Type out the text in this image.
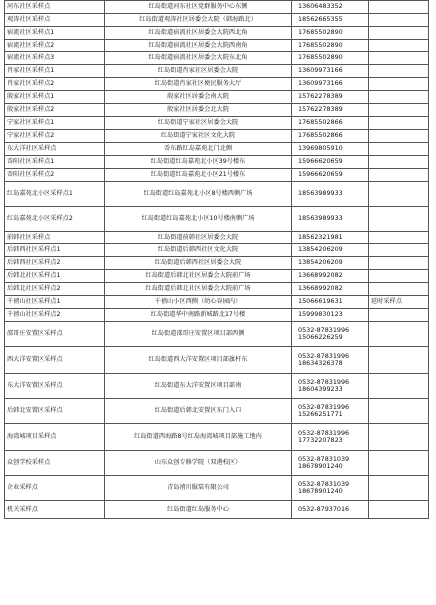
河东社区采样点	红岛街道河东社区党群服务中心东侧	13606483352	

观涛社区采样点	红岛街道观涛社区居委会大院（韩海路北）	18562665355	

宿流社区采样点1	红岛街道宿流社区居委会大院西北角	17685502890	

宿流社区采样点2	红岛街道宿流社区居委会大院西南角	17685502890	

宿流社区采样点3	红岛街道宿流社区居委会大院东北角	17685502890	

肖家社区采样点1	红岛街道肖家社区居委会大院	13609973166	

肖家社区采样点2	红岛街道肖家社区便民服务大厅	13609973166	

殷家社区采样点1	殷家社区居委会南大院	15762278389	

殷家社区采样点2	殷家社区居委会北大院	15762278389	

宁家社区采样点1	红岛街道宁家社区居委会大院	17685502866	

宁家社区采样点2	红岛街道宁家社区文化大院	17685502866	

东大洋社区采样点	岙东路红岛嘉苑北门北侧	13969805910	

岙阳社区采样点1	红岛街道红岛嘉苑北小区39号楼东	15966620659	

岙阳社区采样点2	红岛街道红岛嘉苑北小区21号楼东	15966620659	

红岛嘉苑北小区采样点1	红岛街道红岛嘉苑北小区8号楼西侧广场	18563989933	

红岛嘉苑北小区采样点2	红岛街道红岛嘉苑北小区10号楼南侧广场	18563989933	

前韩社区采样点	红岛街道前韩社区居委会大院	18562321981	

后韩西社区采样点1	红岛街道后韩西社区文化大院	13854206209	

后韩西社区采样点2	红岛街道后韩西社区居委会大院	13854206209	

后韩北社区采样点1	红岛街道后韩北社区居委会大院前广场	13668992082	

后韩北社区采样点2	红岛街道后韩北社区居委会大院前广场	13668992082	

千禧山社区采样点1	千禧山小区西侧（幼心谷园内）	15066619631	延时采样点
千禧山社区采样点2	红岛街道华中南路新城路北17号楼	15999830123	

邵哥庄安置区采样点	红岛街道邵哥庄安置区项目部西侧	0532-87831996
15066226259	

西大洋安置区采样点	红岛街道西大洋安置区项目部旗杆东	0532-87831996
18634326378	

东大洋安置区采样点	红岛街道东大洋安置区项目部南	0532-87831996
18604399233	

后韩北安置区采样点	红岛街道后韩北安置区东门入口	0532-87831996
15266251771	

海湾城项目采样点	红岛街道西海路8号红岛海湾城项目部施工地内	0532-87831996
17732207823	

众创学校采样点	山东众创专修学院（双港校区）	0532-87831039
18678901240	

企业采样点	青岛禧川服装有限公司	0532-87831039
18678901240	

机关采样点	红岛街道红岛服务中心	0532-87937016	
